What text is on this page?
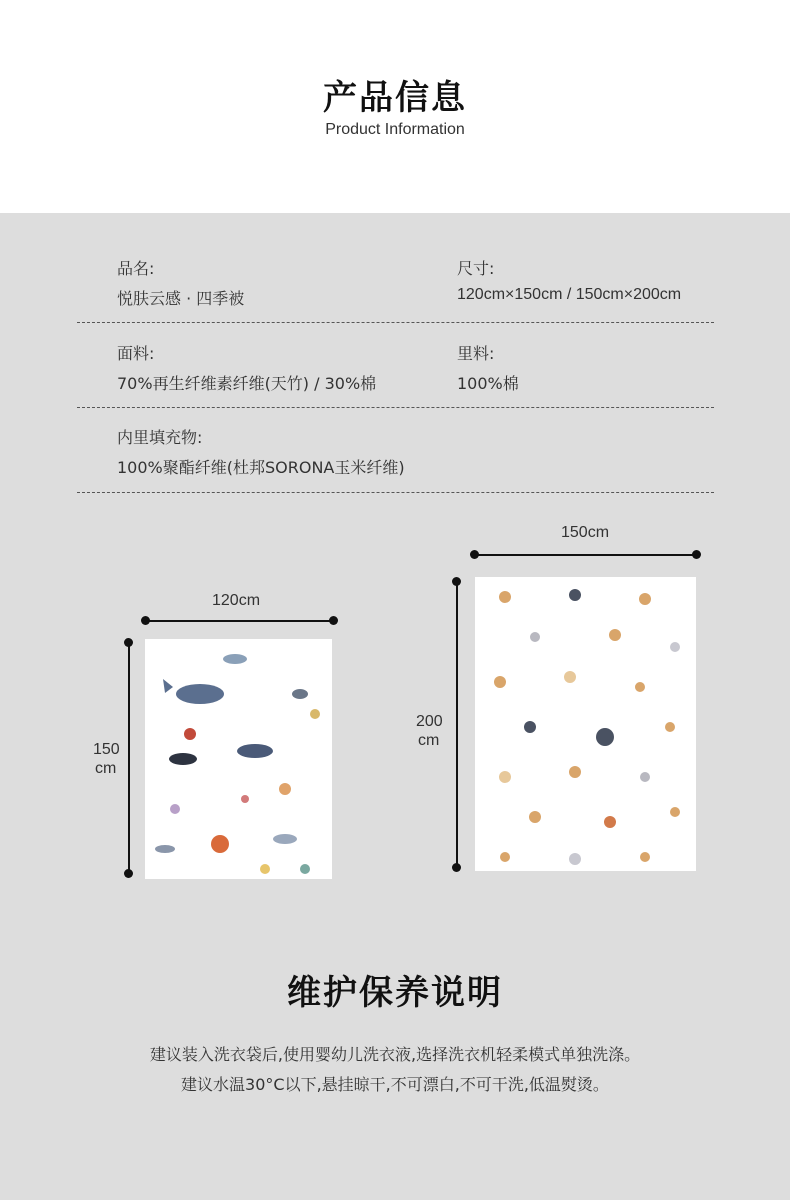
产品信息
Product Information
品名:
悦肤云感 · 四季被
尺寸:
120cm×150cm / 150cm×200cm
面料:
70%再生纤维素纤维(天竹) / 30%棉
里料:
100%棉
内里填充物:
100%聚酯纤维(杜邦SORONA玉米纤维)
120cm
150
cm
150cm
200
cm
维护保养说明
建议装入洗衣袋后,使用婴幼儿洗衣液,选择洗衣机轻柔模式单独洗涤。
建议水温30°C以下,悬挂晾干,不可漂白,不可干洗,低温熨烫。
